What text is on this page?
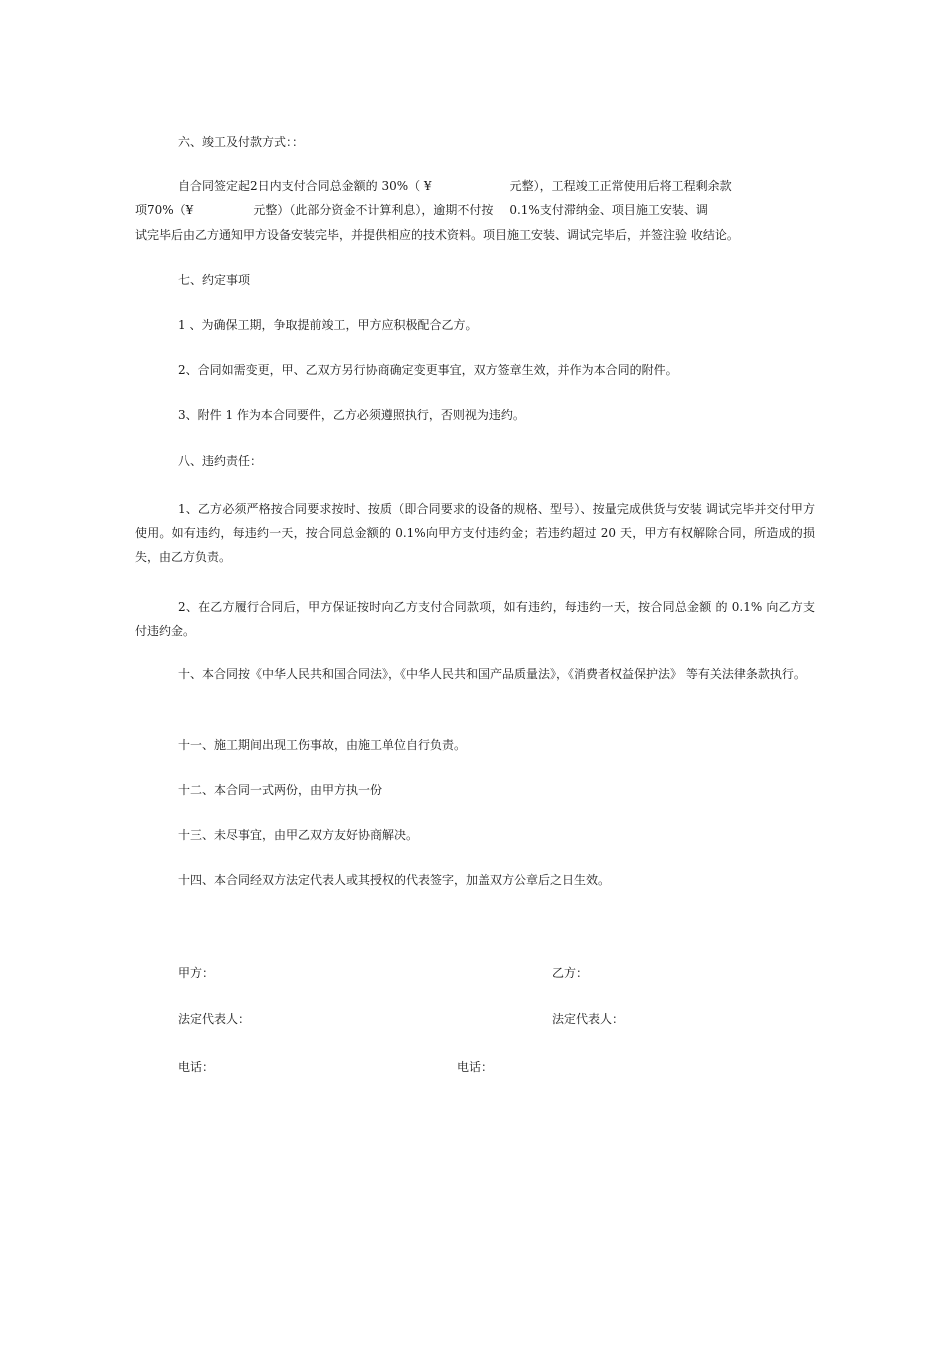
六、竣工及付款方式：：
自合同签定起2日内支付合同总金额的 30%（ ¥	元整），工程竣工正常使用后将工程剩余款
项70%（¥	元整）（此部分资金不计算利息），逾期不付按 0.1%支付滞纳金、项目施工安装、调
试完毕后由乙方通知甲方设备安装完毕，并提供相应的技术资料。项目施工安装、调试完毕后，并签注验 收结论。
七、约定事项
1 、为确保工期，争取提前竣工，甲方应积极配合乙方。
2、合同如需变更，甲、乙双方另行协商确定变更事宜，双方签章生效，并作为本合同的附件。
3、附件 1 作为本合同要件，乙方必须遵照执行，否则视为违约。
八、违约责任：
1、乙方必须严格按合同要求按时、按质（即合同要求的设备的规格、型号）、按量完成供货与安装 调试完毕并交付甲方使用。如有违约，每违约一天，按合同总金额的 0.1%向甲方支付违约金；若违约超过 20 天，甲方有权解除合同，所造成的损失，由乙方负责。
2、在乙方履行合同后，甲方保证按时向乙方支付合同款项，如有违约，每违约一天，按合同总金额 的 0.1% 向乙方支付违约金。
十、本合同按《中华人民共和国合同法》，《中华人民共和国产品质量法》，《消费者权益保护法》 等有关法律条款执行。
十一、施工期间出现工伤事故，由施工单位自行负责。
十二、本合同一式两份，由甲方执一份
十三、未尽事宜，由甲乙双方友好协商解决。
十四、本合同经双方法定代表人或其授权的代表签字，加盖双方公章后之日生效。
甲方：	乙方：
法定代表人：	法定代表人：
电话：	电话：
